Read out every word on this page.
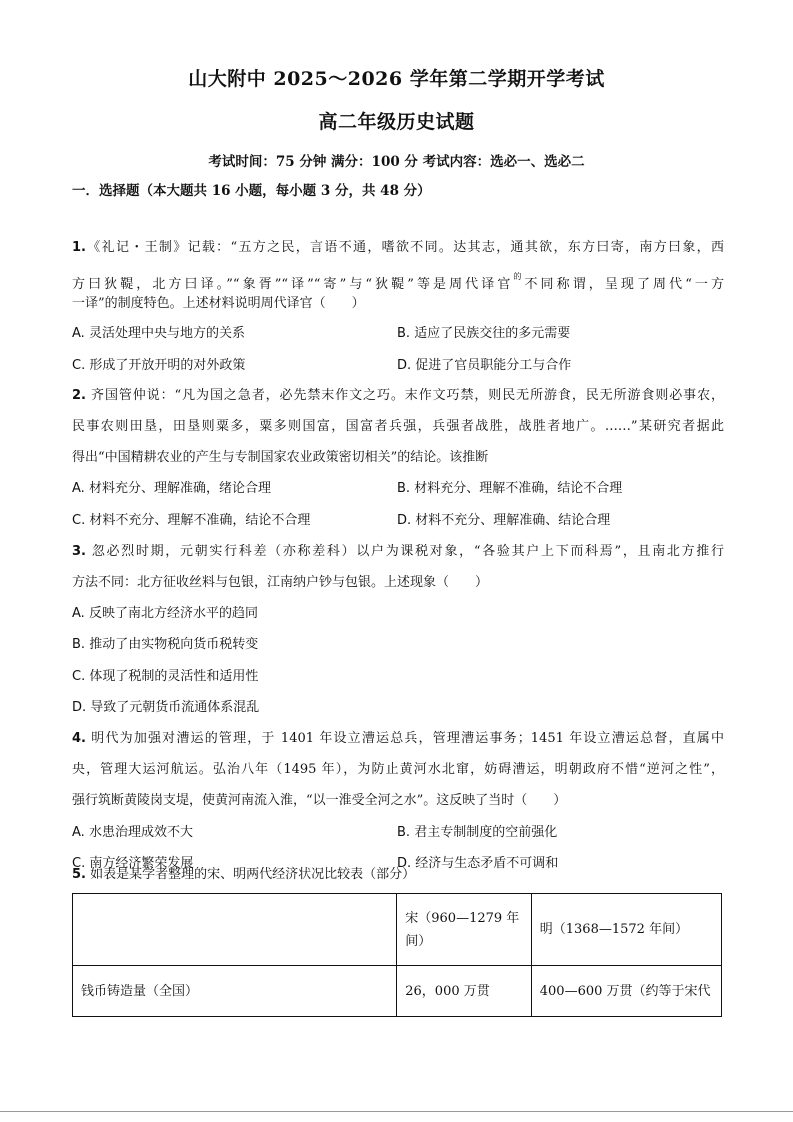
山大附中 2025～2026 学年第二学期开学考试
高二年级历史试题
考试时间：75 分钟 满分：100 分 考试内容：选必一、选必二
一．选择题（本大题共 16 小题，每小题 3 分，共 48 分）
1.《礼记・王制》记载：“五方之民，言语不通，嗜欲不同。达其志，通其欲，东方曰寄，南方曰象，西
方曰狄鞮，北方曰译。”“象胥”“译”“寄”与“狄鞮”等是周代译官$^的$不同称谓，呈现了周代“一方
一译”的制度特色。上述材料说明周代译官（　　）
A. 灵活处理中央与地方的关系	B. 适应了民族交往的多元需要
C. 形成了开放开明的对外政策	D. 促进了官员职能分工与合作
2. 齐国管仲说：“凡为国之急者，必先禁末作文之巧。末作文巧禁，则民无所游食，民无所游食则必事农，
民事农则田垦，田垦则粟多，粟多则国富，国富者兵强，兵强者战胜，战胜者地广。……”某研究者据此
得出“中国精耕农业的产生与专制国家农业政策密切相关”的结论。该推断
A. 材料充分、理解准确，绪论合理	B. 材料充分、理解不准确，结论不合理
C. 材料不充分、理解不准确，结论不合理	D. 材料不充分、理解准确、结论合理
3. 忽必烈时期，元朝实行科差（亦称差科）以户为课税对象，“各验其户上下而科焉”，且南北方推行
方法不同：北方征收丝料与包银，江南纳户钞与包银。上述现象（　　）
A. 反映了南北方经济水平的趋同
B. 推动了由实物税向货币税转变
C. 体现了税制的灵活性和适用性
D. 导致了元朝货币流通体系混乱
4. 明代为加强对漕运的管理，于 1401 年设立漕运总兵，管理漕运事务；1451 年设立漕运总督，直属中
央，管理大运河航运。弘治八年（1495 年），为防止黄河水北窜，妨碍漕运，明朝政府不惜“逆河之性”，
强行筑断黄陵岗支堤，使黄河南流入淮，“以一淮受全河之水”。这反映了当时（　　）
A. 水患治理成效不大	B. 君主专制制度的空前强化
C. 南方经济繁荣发展	D. 经济与生态矛盾不可调和
5. 如表是某学者整理的宋、明两代经济状况比较表（部分）

	宋（960—1279 年
间）	明（1368—1572 年间）
钱币铸造量（全国）	26，000 万贯	400—600 万贯（约等于宋代
